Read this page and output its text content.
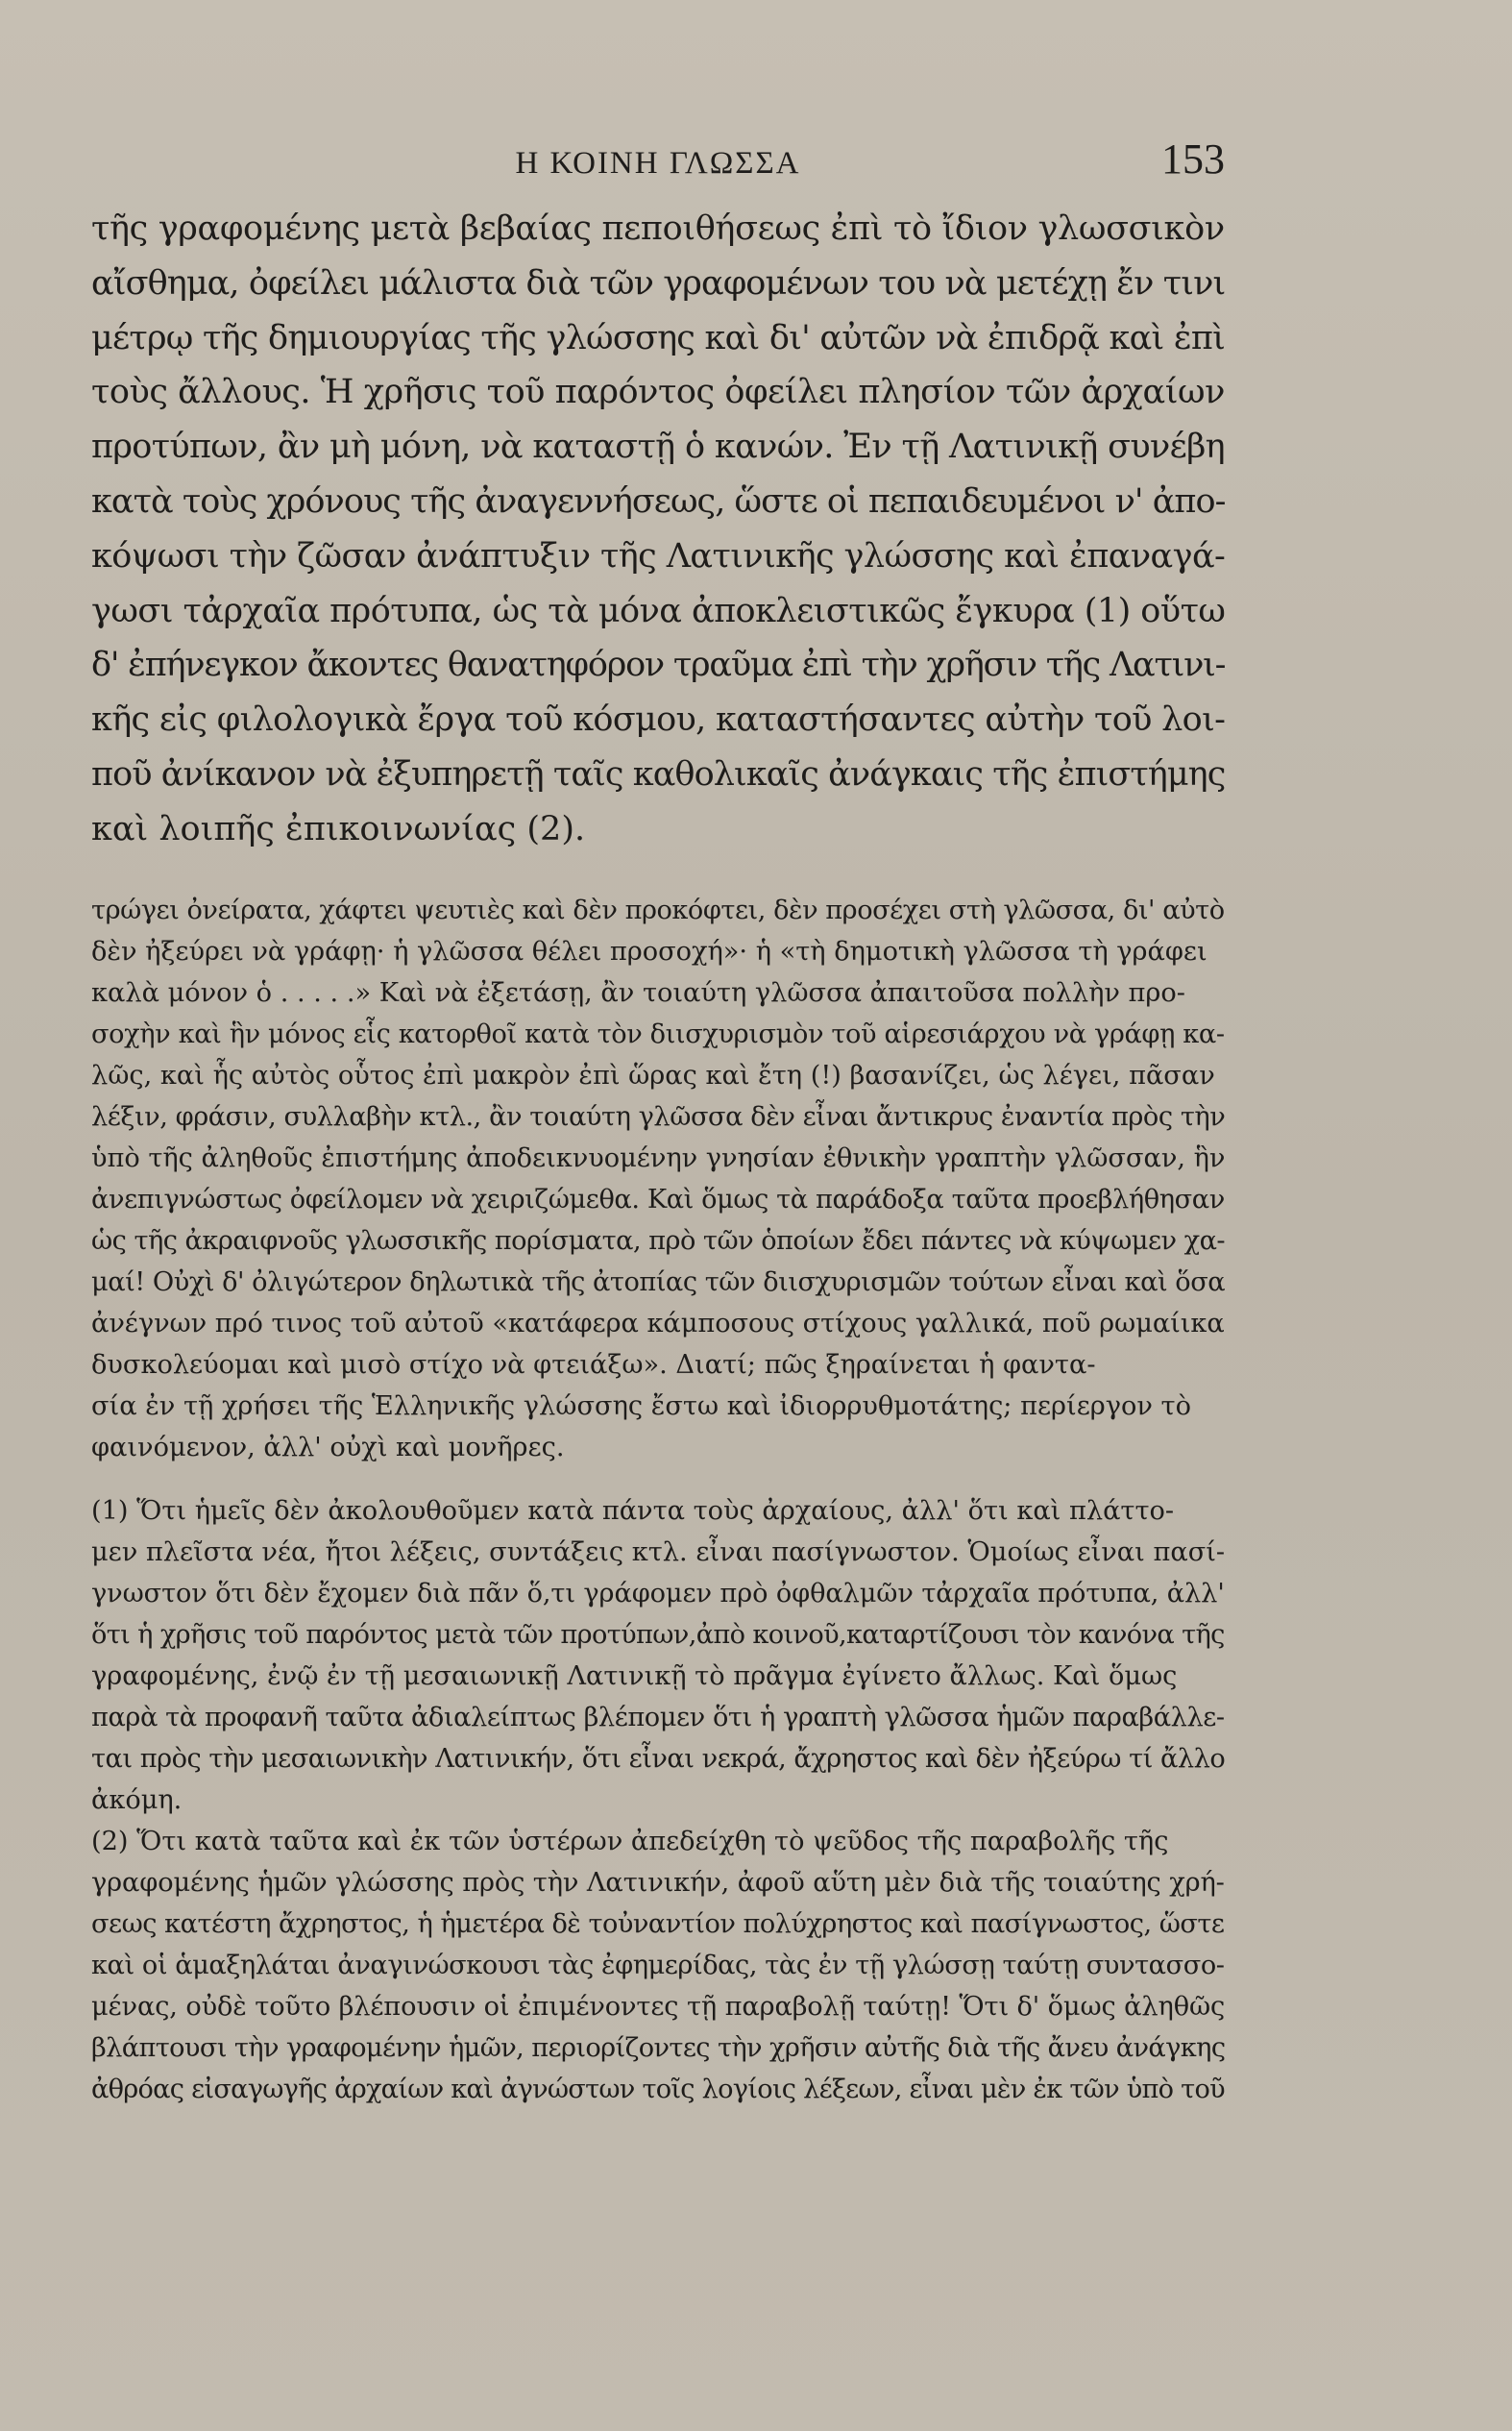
Η ΚΟΙΝΗ ΓΛΩΣΣΑ	153
τῆς γραφομένης μετὰ βεβαίας πεποιθήσεως ἐπὶ τὸ ἴδιον γλωσσικὸν
αἴσθημα, ὀφείλει μάλιστα διὰ τῶν γραφομένων του νὰ μετέχῃ ἔν τινι
μέτρῳ τῆς δημιουργίας τῆς γλώσσης καὶ δι' αὐτῶν νὰ ἐπιδρᾷ καὶ ἐπὶ
τοὺς ἄλλους. Ἡ χρῆσις τοῦ παρόντος ὀφείλει πλησίον τῶν ἀρχαίων
προτύπων, ἂν μὴ μόνη, νὰ καταστῇ ὁ κανών. Ἐν τῇ Λατινικῇ συνέβη
κατὰ τοὺς χρόνους τῆς ἀναγεννήσεως, ὥστε οἱ πεπαιδευμένοι ν' ἀπο-
κόψωσι τὴν ζῶσαν ἀνάπτυξιν τῆς Λατινικῆς γλώσσης καὶ ἐπαναγά-
γωσι τἀρχαῖα πρότυπα, ὡς τὰ μόνα ἀποκλειστικῶς ἔγκυρα (1) οὕτω
δ' ἐπήνεγκον ἄκοντες θανατηφόρον τραῦμα ἐπὶ τὴν χρῆσιν τῆς Λατινι-
κῆς εἰς φιλολογικὰ ἔργα τοῦ κόσμου, καταστήσαντες αὐτὴν τοῦ λοι-
ποῦ ἀνίκανον νὰ ἐξυπηρετῇ ταῖς καθολικαῖς ἀνάγκαις τῆς ἐπιστήμης
καὶ λοιπῆς ἐπικοινωνίας (2).
τρώγει ὀνείρατα, χάφτει ψευτιὲς καὶ δὲν προκόφτει, δὲν προσέχει στὴ γλῶσσα, δι' αὐτὸ
δὲν ἠξεύρει νὰ γράφῃ· ἡ γλῶσσα θέλει προσοχή»· ἡ «τὴ δημοτικὴ γλῶσσα τὴ γράφει
καλὰ μόνον ὁ . . . . .» Καὶ νὰ ἐξετάσῃ, ἂν τοιαύτη γλῶσσα ἀπαιτοῦσα πολλὴν προ-
σοχὴν καὶ ἣν μόνος εἷς κατορθοῖ κατὰ τὸν διισχυρισμὸν τοῦ αἱρεσιάρχου νὰ γράφῃ κα-
λῶς, καὶ ἧς αὐτὸς οὗτος ἐπὶ μακρὸν ἐπὶ ὥρας καὶ ἔτη (!) βασανίζει, ὡς λέγει, πᾶσαν
λέξιν, φράσιν, συλλαβὴν κτλ., ἂν τοιαύτη γλῶσσα δὲν εἶναι ἄντικρυς ἐναντία πρὸς τὴν
ὑπὸ τῆς ἀληθοῦς ἐπιστήμης ἀποδεικνυομένην γνησίαν ἐθνικὴν γραπτὴν γλῶσσαν, ἣν
ἀνεπιγνώστως ὀφείλομεν νὰ χειριζώμεθα. Καὶ ὅμως τὰ παράδοξα ταῦτα προεβλήθησαν
ὡς τῆς ἀκραιφνοῦς γλωσσικῆς πορίσματα, πρὸ τῶν ὁποίων ἔδει πάντες νὰ κύψωμεν χα-
μαί! Οὐχὶ δ' ὀλιγώτερον δηλωτικὰ τῆς ἀτοπίας τῶν διισχυρισμῶν τούτων εἶναι καὶ ὅσα
ἀνέγνων πρό τινος τοῦ αὐτοῦ «κατάφερα κάμποσους στίχους γαλλικά, ποῦ ρωμαίικα
δυσκολεύομαι καὶ μισὸ στίχο νὰ φτειάξω». Διατί; πῶς ξηραίνεται ἡ φαντα-
σία ἐν τῇ χρήσει τῆς Ἑλληνικῆς γλώσσης ἔστω καὶ ἰδιορρυθμοτάτης; περίεργον τὸ
φαινόμενον, ἀλλ' οὐχὶ καὶ μονῆρες.
(1) Ὅτι ἡμεῖς δὲν ἀκολουθοῦμεν κατὰ πάντα τοὺς ἀρχαίους, ἀλλ' ὅτι καὶ πλάττο-
μεν πλεῖστα νέα, ἤτοι λέξεις, συντάξεις κτλ. εἶναι πασίγνωστον. Ὁμοίως εἶναι πασί-
γνωστον ὅτι δὲν ἔχομεν διὰ πᾶν ὅ,τι γράφομεν πρὸ ὀφθαλμῶν τἀρχαῖα πρότυπα, ἀλλ'
ὅτι ἡ χρῆσις τοῦ παρόντος μετὰ τῶν προτύπων,ἀπὸ κοινοῦ,καταρτίζουσι τὸν κανόνα τῆς
γραφομένης, ἐνῷ ἐν τῇ μεσαιωνικῇ Λατινικῇ τὸ πρᾶγμα ἐγίνετο ἄλλως. Καὶ ὅμως
παρὰ τὰ προφανῆ ταῦτα ἀδιαλείπτως βλέπομεν ὅτι ἡ γραπτὴ γλῶσσα ἡμῶν παραβάλλε-
ται πρὸς τὴν μεσαιωνικὴν Λατινικήν, ὅτι εἶναι νεκρά, ἄχρηστος καὶ δὲν ἠξεύρω τί ἄλλο
ἀκόμη.
(2) Ὅτι κατὰ ταῦτα καὶ ἐκ τῶν ὑστέρων ἀπεδείχθη τὸ ψεῦδος τῆς παραβολῆς τῆς
γραφομένης ἡμῶν γλώσσης πρὸς τὴν Λατινικήν, ἀφοῦ αὕτη μὲν διὰ τῆς τοιαύτης χρή-
σεως κατέστη ἄχρηστος, ἡ ἡμετέρα δὲ τοὐναντίον πολύχρηστος καὶ πασίγνωστος, ὥστε
καὶ οἱ ἁμαξηλάται ἀναγινώσκουσι τὰς ἐφημερίδας, τὰς ἐν τῇ γλώσσῃ ταύτῃ συντασσο-
μένας, οὐδὲ τοῦτο βλέπουσιν οἱ ἐπιμένοντες τῇ παραβολῇ ταύτῃ! Ὅτι δ' ὅμως ἀληθῶς
βλάπτουσι τὴν γραφομένην ἡμῶν, περιορίζοντες τὴν χρῆσιν αὐτῆς διὰ τῆς ἄνευ ἀνάγκης
ἀθρόας εἰσαγωγῆς ἀρχαίων καὶ ἀγνώστων τοῖς λογίοις λέξεων, εἶναι μὲν ἐκ τῶν ὑπὸ τοῦ
